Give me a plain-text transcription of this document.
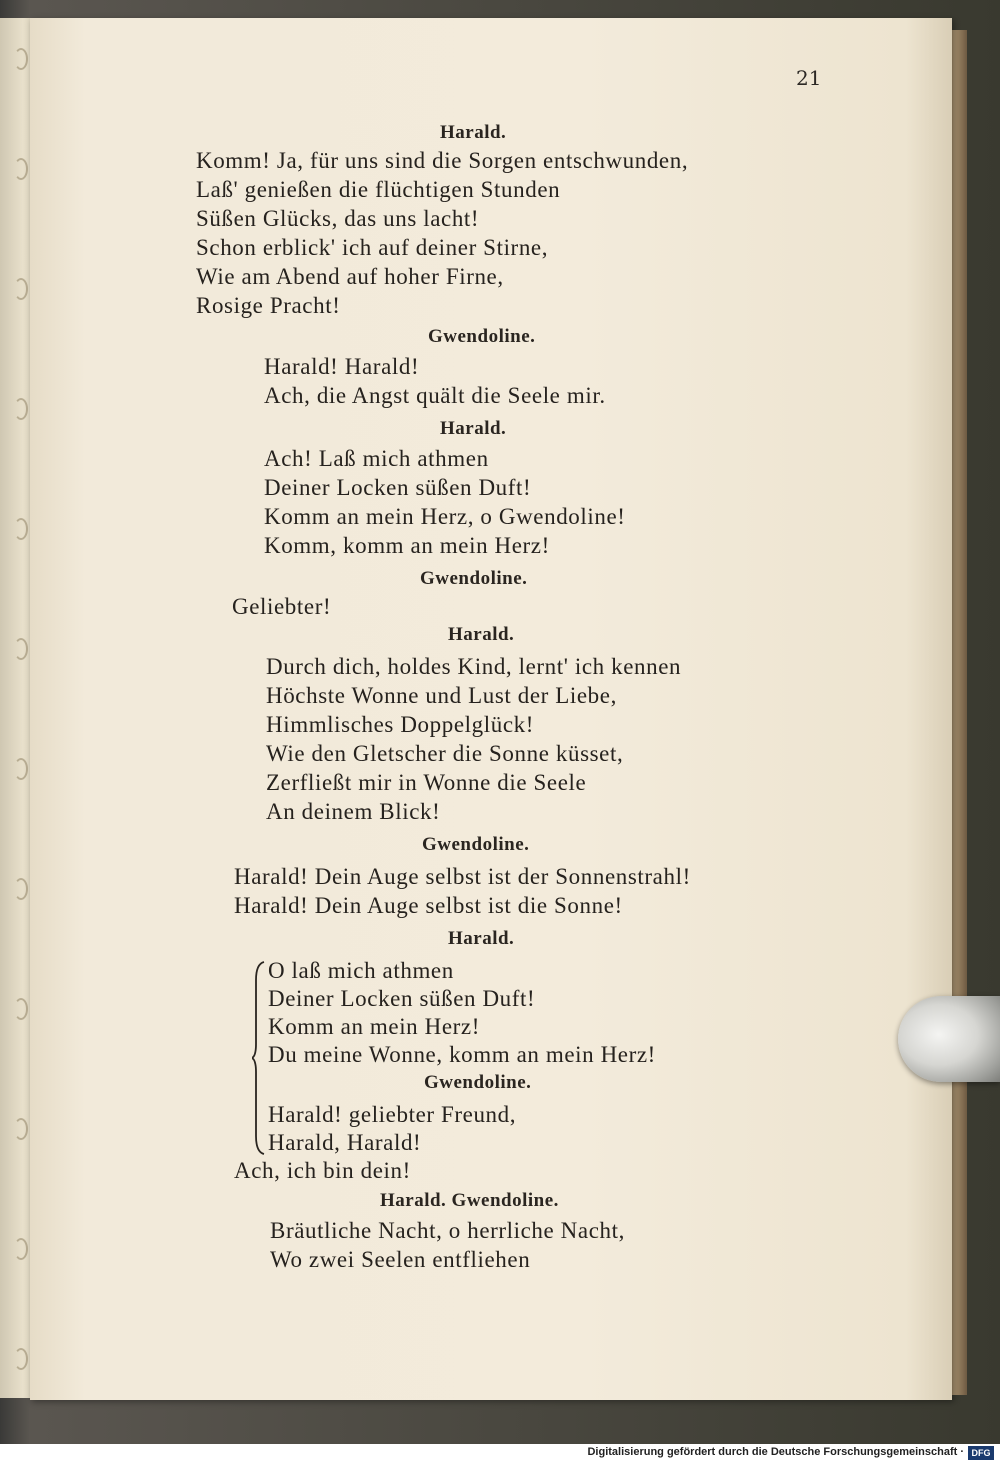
21
Harald.
Komm! Ja, für uns sind die Sorgen entschwunden,
Laß' genießen die flüchtigen Stunden
Süßen Glücks, das uns lacht!
Schon erblick' ich auf deiner Stirne,
Wie am Abend auf hoher Firne,
Rosige Pracht!
Gwendoline.
Harald! Harald!
Ach, die Angst quält die Seele mir.
Harald.
Ach! Laß mich athmen
Deiner Locken süßen Duft!
Komm an mein Herz, o Gwendoline!
Komm, komm an mein Herz!
Gwendoline.
Geliebter!
Harald.
Durch dich, holdes Kind, lernt' ich kennen
Höchste Wonne und Lust der Liebe,
Himmlisches Doppelglück!
Wie den Gletscher die Sonne küsset,
Zerfließt mir in Wonne die Seele
An deinem Blick!
Gwendoline.
Harald! Dein Auge selbst ist der Sonnenstrahl!
Harald! Dein Auge selbst ist die Sonne!
Harald.
O laß mich athmen
Deiner Locken süßen Duft!
Komm an mein Herz!
Du meine Wonne, komm an mein Herz!
Gwendoline.
Harald! geliebter Freund,
Harald, Harald!
Ach, ich bin dein!
Harald. Gwendoline.
Bräutliche Nacht, o herrliche Nacht,
Wo zwei Seelen entfliehen
Digitalisierung gefördert durch die Deutsche Forschungsgemeinschaft · DFG
